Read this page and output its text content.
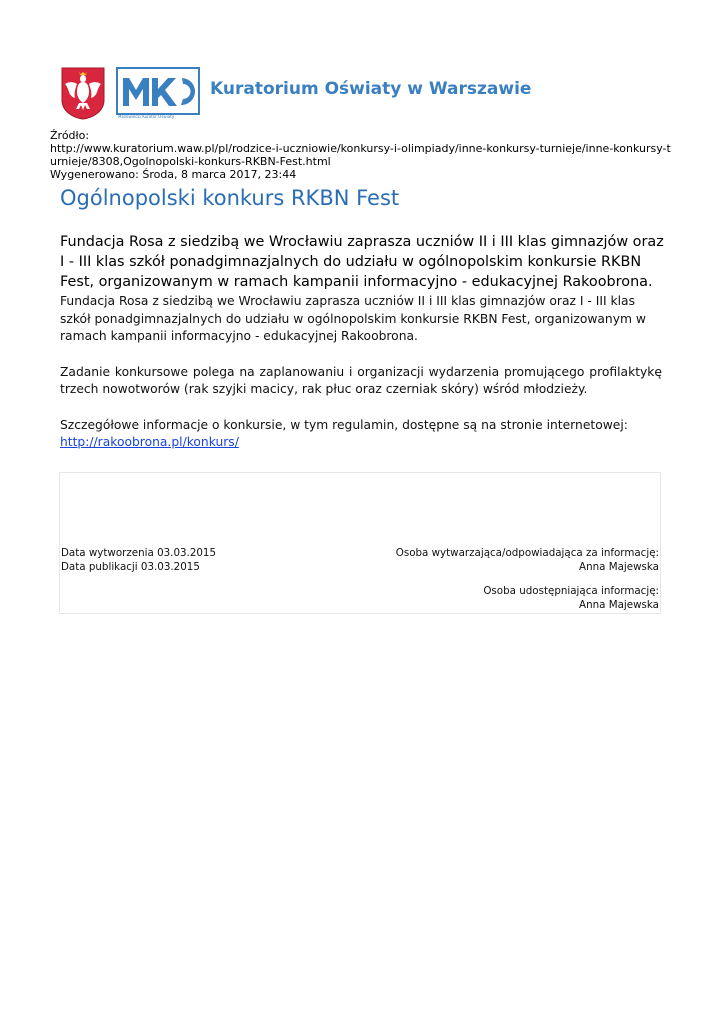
Mazowiecki Kurator Oświaty
Kuratorium Oświaty w Warszawie
Źródło:
http://www.kuratorium.waw.pl/pl/rodzice-i-uczniowie/konkursy-i-olimpiady/inne-konkursy-turnieje/inne-konkursy-turnieje/8308,Ogolnopolski-konkurs-RKBN-Fest.html
Wygenerowano: Środa, 8 marca 2017, 23:44
Ogólnopolski konkurs RKBN Fest
Fundacja Rosa z siedzibą we Wrocławiu zaprasza uczniów II i III klas gimnazjów oraz I - III klas szkół ponadgimnazjalnych do udziału w ogólnopolskim konkursie RKBN Fest, organizowanym w ramach kampanii informacyjno - edukacyjnej Rakoobrona.

Fundacja Rosa z siedzibą we Wrocławiu zaprasza uczniów II i III klas gimnazjów oraz I - III klas szkół ponadgimnazjalnych do udziału w ogólnopolskim konkursie RKBN Fest, organizowanym w ramach kampanii informacyjno - edukacyjnej Rakoobrona.

Zadanie konkursowe polega na zaplanowaniu i organizacji wydarzenia promującego profilaktykę trzech nowotworów (rak szyjki macicy, rak płuc oraz czerniak skóry) wśród młodzieży.

Szczegółowe informacje o konkursie, w tym regulamin, dostępne są na stronie internetowej:
http://rakoobrona.pl/konkurs/

Data wytworzenia 03.03.2015
Data publikacji 03.03.2015
Osoba wytwarzająca/odpowiadająca za informację:
Anna Majewska
Osoba udostępniająca informację:
Anna Majewska
